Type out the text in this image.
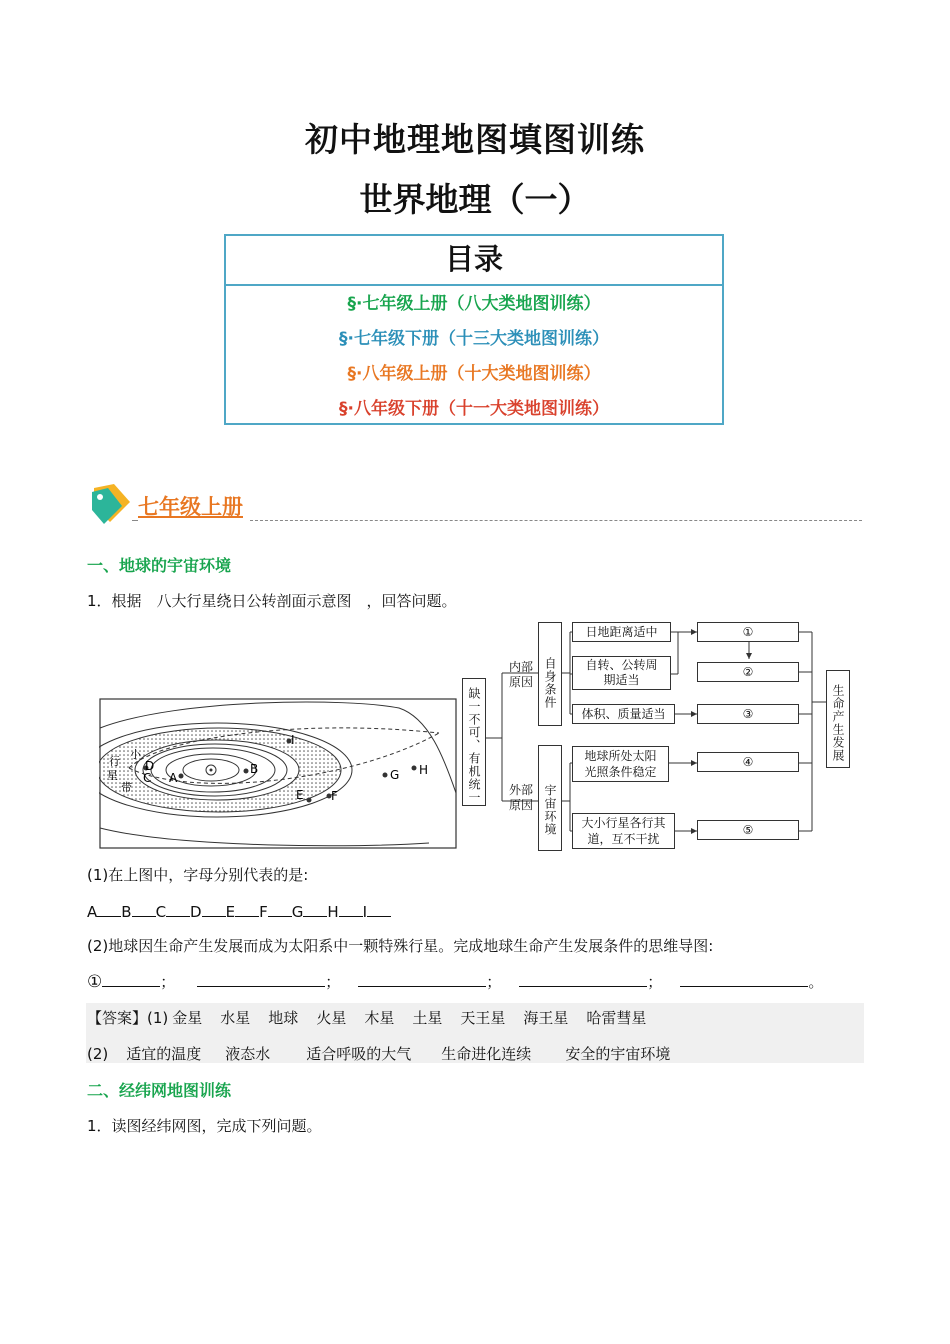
初中地理地图填图训练
世界地理（一）
目录
§·七年级上册（八大类地图训练）
§·七年级下册（十三大类地图训练）
§·八年级上册（十大类地图训练）
§·八年级下册（十一大类地图训练）
七年级上册
一、地球的宇宙环境
1．根据　八大行星绕日公转剖面示意图　，回答问题。
A
B
C
D
E F
G H
I
小
行
星
带	缺一不可、有机统一
内部原因
外部原因
自身条件
宇宙环境
日地距离适中
自转、公转周期适当
体积、质量适当
地球所处太阳光照条件稳定
大小行星各行其道，互不干扰
①
②
③
④
⑤
生命产生发展
(1)在上图中，字母分别代表的是:
A B C D E F G H I
(2)地球因生命产生发展而成为太阳系中一颗特殊行星。完成地球生命产生发展条件的思维导图:
①	；	；	；	；	。
【答案】(1) 金星 水星 地球 火星 木星 土星 天王星 海王星 哈雷彗星
(2) 适宜的温度 液态水 适合呼吸的大气 生命进化连续 安全的宇宙环境
二、经纬网地图训练
1．读图经纬网图，完成下列问题。
